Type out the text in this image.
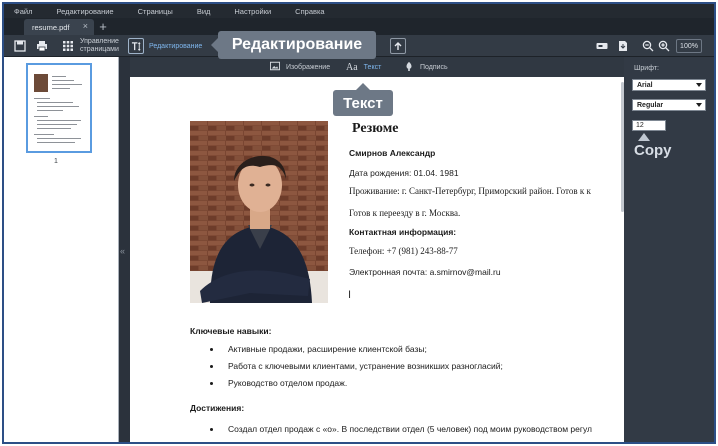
Файл	Редактирование	Страницы	Вид	Настройки	Справка
resume.pdf × +
Управление
страницами	Редактирование	100%
1
«
Изображение Aa Текст	Подпись
Резюме
Смирнов Александр
Дата рождения: 01.04. 1981
Проживание: г. Санкт-Петербург, Приморский район. Готов к к
Готов к переезду в г. Москва.
Контактная информация:
Телефон: +7 (981) 243-88-77
Электронная почта: a.smirnov@mail.ru
I
Ключевые навыки:
Активные продажи, расширение клиентской базы;
Работа с ключевыми клиентами, устранение возникших разногласий;
Руководство отделом продаж.
Достижения:
Создал отдел продаж с «о». В последствии отдел (5 человек) под моим руководством регул
Шрифт:
Arial
Regular
12
Copy
Редактирование
Текст
